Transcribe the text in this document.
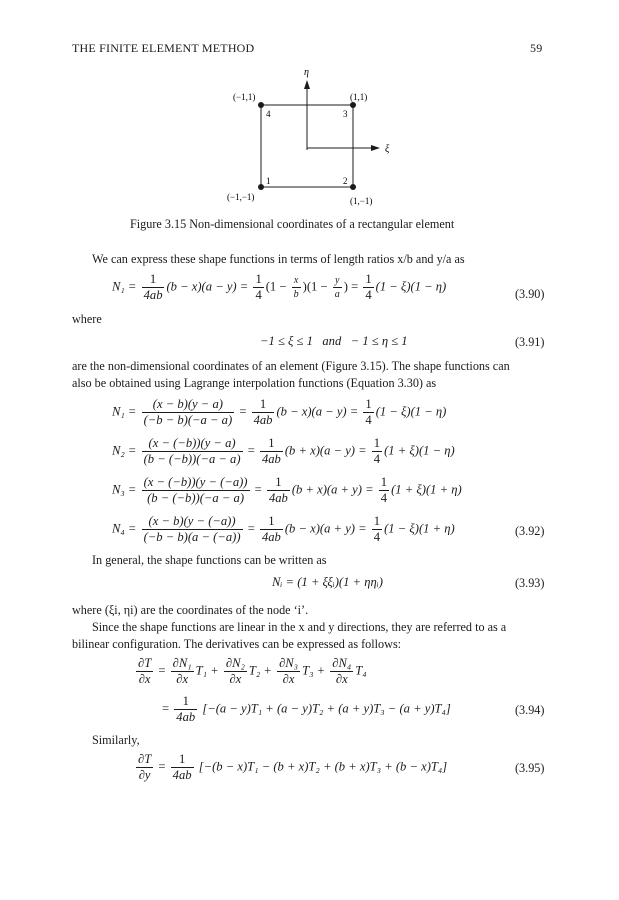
THE FINITE ELEMENT METHOD	59
η
ξ
(−1,1)	(1,1)
(−1,−1)	(1,−1)
4	3
1	2
Figure 3.15 Non-dimensional coordinates of a rectangular element
We can express these shape functions in terms of length ratios x/b and y/a as
$N_1 = \frac{1}{4ab} (b - x)(a - y) = \frac{1}{4} (1 - \frac{x}{b} )(1 - \frac{y}{a}$ ) = $\frac{1}{4} (1 - \xi)(1 - \eta)$
(3.90)
where
−1 ≤ ξ ≤ 1   and   − 1 ≤ η ≤ 1	(3.91)
are the non-dimensional coordinates of an element (Figure 3.15). The shape functions can
also be obtained using Lagrange interpolation functions (Equation 3.30) as
$N_1 = \frac{(x - b)(y - a)}{(-b - b)(-a - a)} = \frac{1}{4ab} (b - x)(a - y) = \frac{1}{4} (1 - \xi)(1 - \eta)$
$N_2 = \frac{(x - (-b))(y - a)}{(b - (-b))(-a - a)} = \frac{1}{4ab} (b + x)(a - y) = \frac{1}{4} (1 + \xi)(1 - \eta)$
$N_3 = \frac{(x - (-b))(y - (-a))}{(b - (-b))(-a - a)} = \frac{1}{4ab} (b + x)(a + y) = \frac{1}{4} (1 + \xi)(1 + \eta)$
$N_4 = \frac{(x - b)(y - (-a))}{(-b - b)(a - (-a))} = \frac{1}{4ab} (b - x)(a + y) = \frac{1}{4} (1 - \xi)(1 + \eta)$	(3.92)
In general, the shape functions can be written as
Nᵢ = (1 + ξξᵢ)(1 + ηηᵢ)	(3.93)
where (ξi, ηi) are the coordinates of the node ‘i’.
Since the shape functions are linear in the x and y directions, they are referred to as a
bilinear configuration. The derivatives can be expressed as follows:
$\frac{\partial T}{\partial x} = \frac{\text{∂N₁}}{\partial x} T_1 + \frac{\text{∂N₂}}{\partial x} T_2 + \frac{\text{∂N₃}}{\partial x} T_3 + \frac{\text{∂N₄}}{\partial x} T_4$
= $\frac{1}{4ab} [-(a - y)T_1 + (a - y)T_2 + (a + y)T_3 - (a + y)T_4]$	(3.94)
Similarly,
$\frac{\partial T}{\partial y} = \frac{1}{4ab} [-(b - x)T_1 - (b + x)T_2 + (b + x)T_3 + (b - x)T_4]$	(3.95)
